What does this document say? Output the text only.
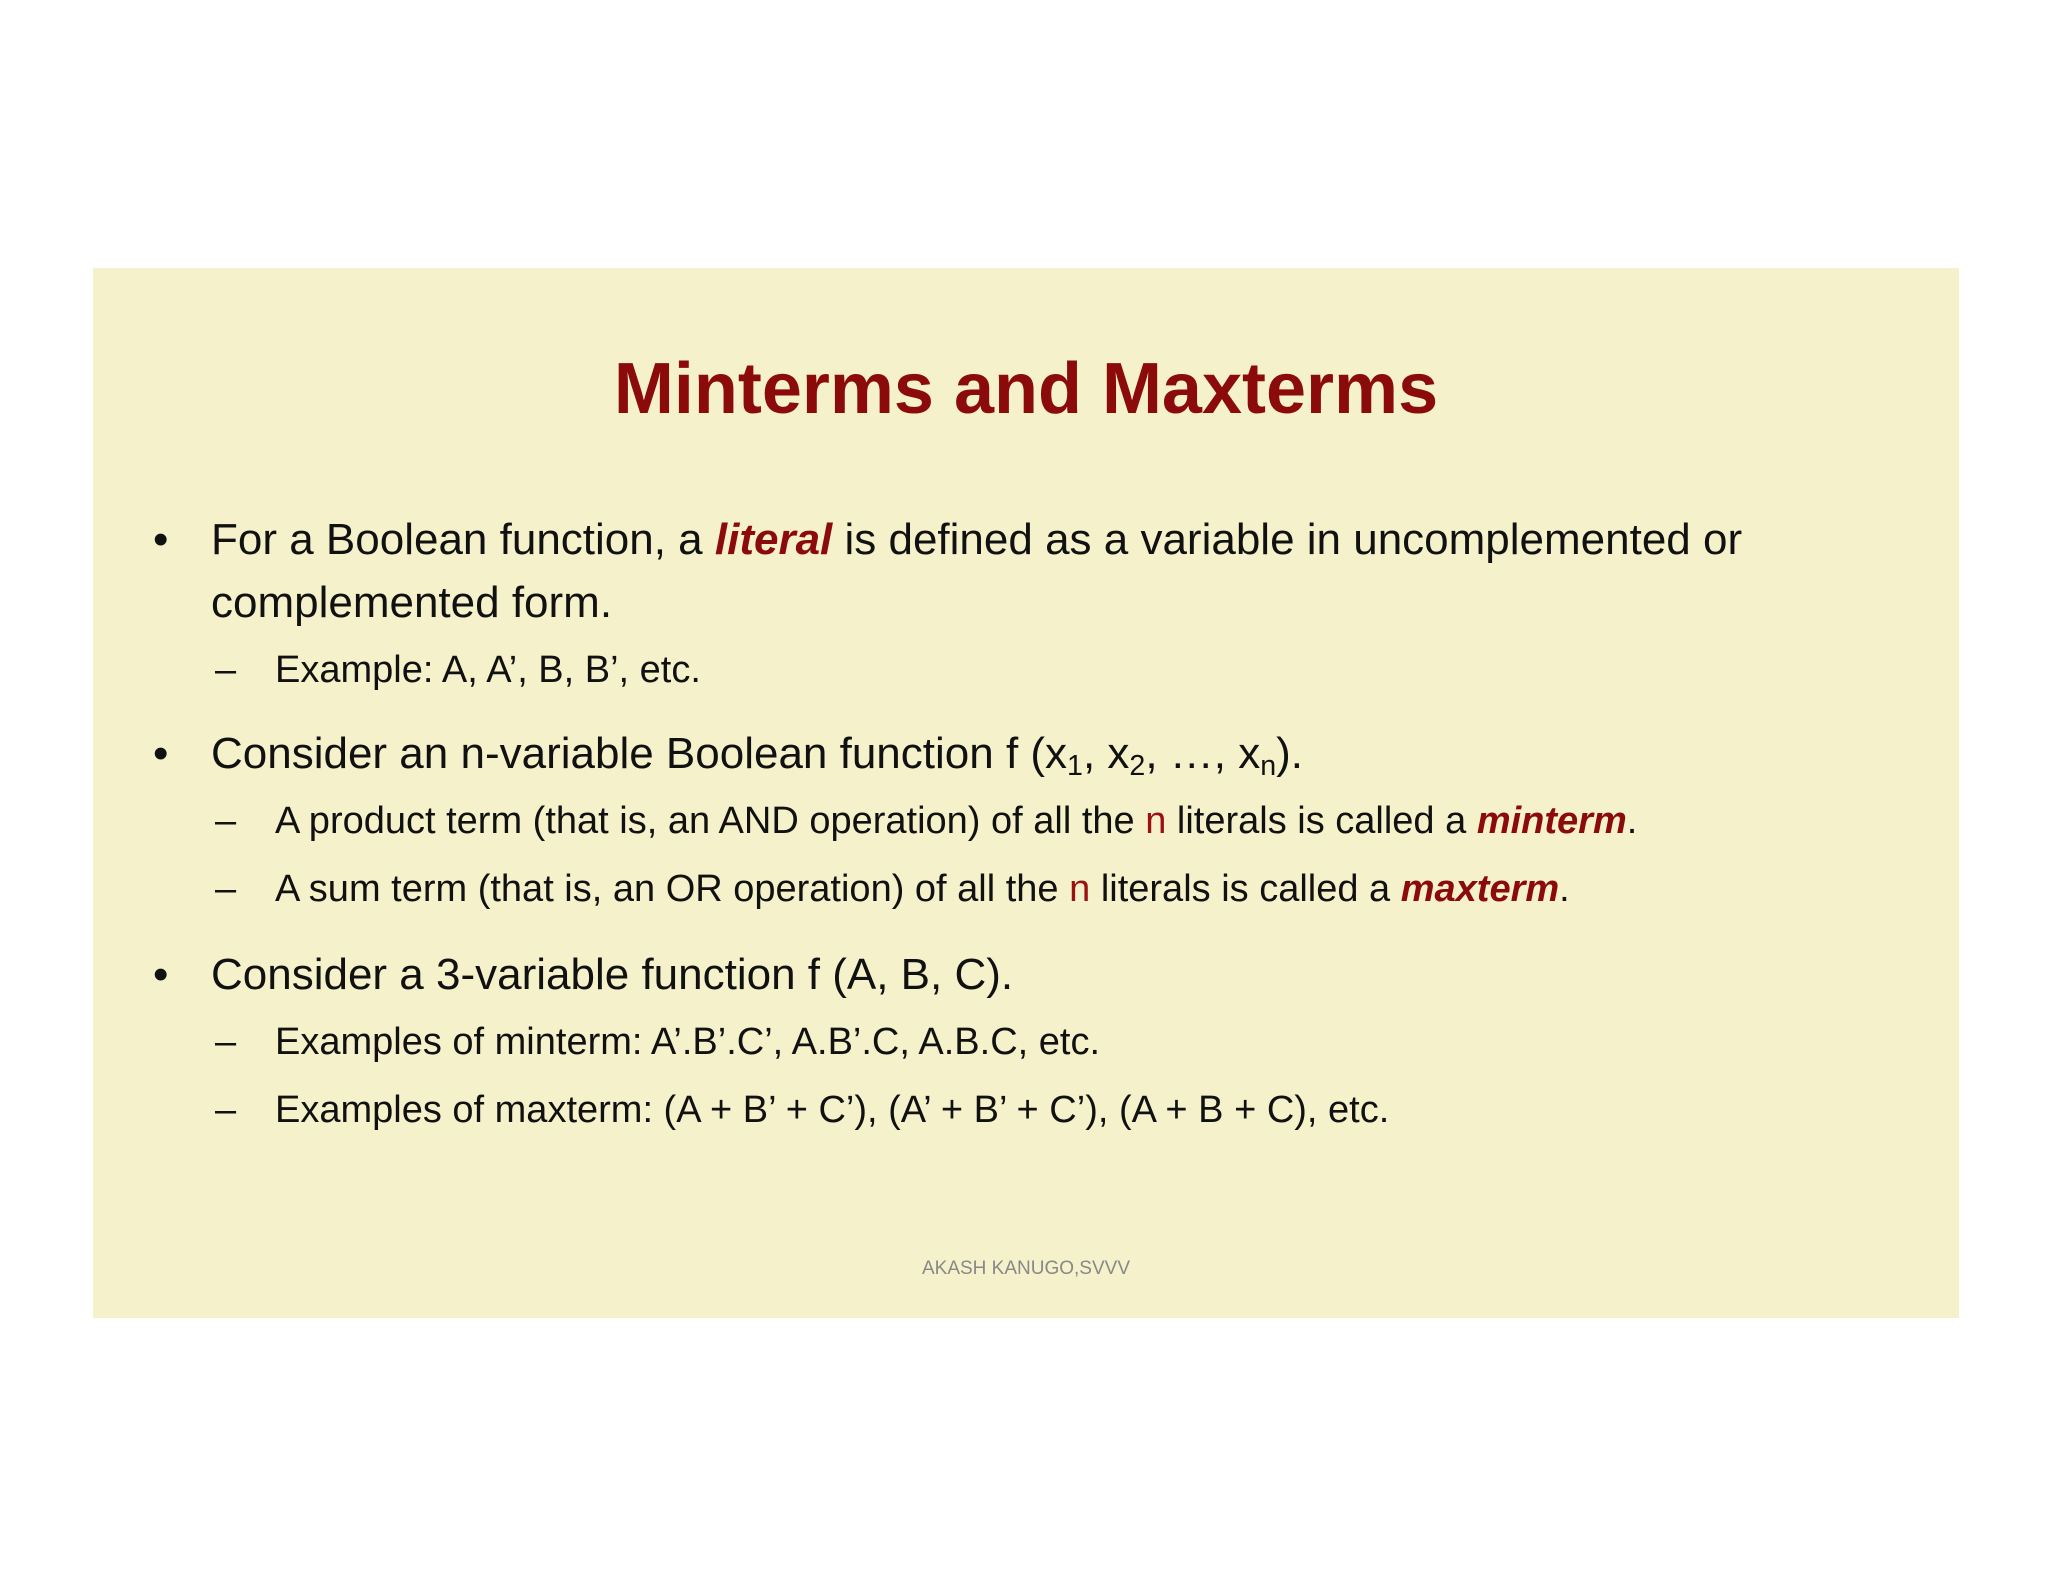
Minterms and Maxterms
• For a Boolean function, a literal is defined as a variable in uncomplemented or complemented form.
– Example: A, A’, B, B’, etc.
• Consider an n-variable Boolean function f ($x_1$, $x_2$, …, $x_n$).
– A product term (that is, an AND operation) of all the n literals is called a minterm.
– A sum term (that is, an OR operation) of all the n literals is called a maxterm.
• Consider a 3-variable function f (A, B, C).
– Examples of minterm: A’.B’.C’, A.B’.C, A.B.C, etc.
– Examples of maxterm: (A + B’ + C’), (A’ + B’ + C’), (A + B + C), etc.
AKASH KANUGO,SVVV
